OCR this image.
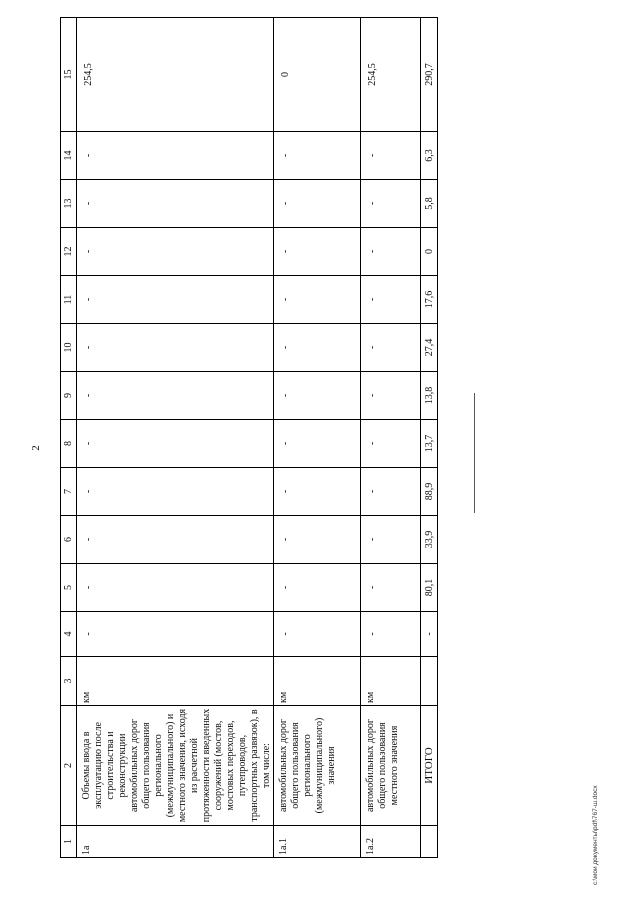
2
1	2	3	4	5	6	7	8	9	10	11	12	13	14	15
1а	Объемы ввода в эксплуатацию после строительства и реконструкции автомобильных дорог общего пользования регионального (межмуниципального) и местного значения, исходя из расчетной протяженности введенных сооружений (мостов, мостовых переходов, путепроводов, транспортных развязок), в том числе:	км	-	-	-	-	-	-	-	-	-	-	-	254,5
1а.1	автомобильных дорог общего пользования регионального (межмуниципального) значения	км	-	-	-	-	-	-	-	-	-	-	-	0
1а.2	автомобильных дорог общего пользования местного значения	км	-	-	-	-	-	-	-	-	-	-	-	254,5
	ИТОГО		-	80,1	33,9	88,9	13,7	13,8	27,4	17,6	0	5,8	6,3	290,7
c:\мои документы\pdf\767-ш.docx
